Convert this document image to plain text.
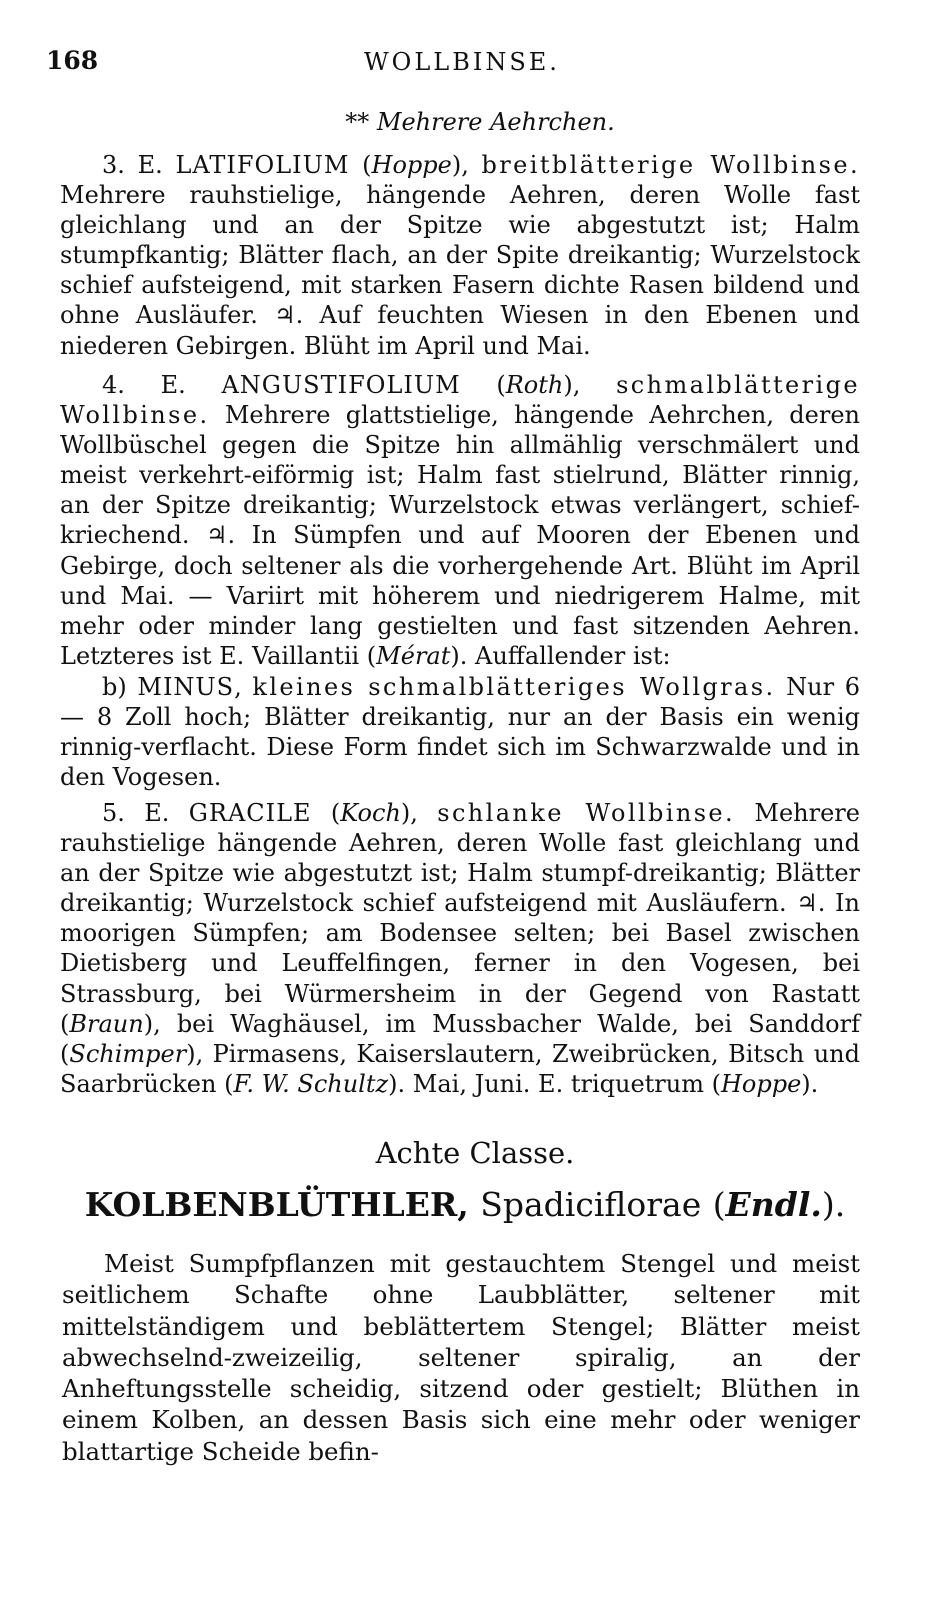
168	WOLLBINSE.
** Mehrere Aehrchen.

3. E. LATIFOLIUM (Hoppe), breitblätterige Wollbinse. Mehrere rauhstielige, hängende Aehren, deren Wolle fast gleichlang und an der Spitze wie abgestutzt ist; Halm stumpfkantig; Blätter flach, an der Spite dreikantig; Wurzelstock schief aufsteigend, mit starken Fasern dichte Rasen bildend und ohne Ausläufer. ♃. Auf feuchten Wiesen in den Ebenen und niederen Gebirgen. Blüht im April und Mai.

4. E. ANGUSTIFOLIUM (Roth), schmalblätterige Wollbinse. Mehrere glattstielige, hängende Aehrchen, deren Wollbüschel gegen die Spitze hin allmählig verschmälert und meist verkehrt-eiförmig ist; Halm fast stielrund, Blätter rinnig, an der Spitze dreikantig; Wurzelstock etwas verlängert, schief-kriechend. ♃. In Sümpfen und auf Mooren der Ebenen und Gebirge, doch seltener als die vorhergehende Art. Blüht im April und Mai. — Variirt mit höherem und niedrigerem Halme, mit mehr oder minder lang gestielten und fast sitzenden Aehren. Letzteres ist E. Vaillantii (Mérat). Auffallender ist:

b) MINUS, kleines schmalblätteriges Wollgras. Nur 6 — 8 Zoll hoch; Blätter dreikantig, nur an der Basis ein wenig rinnig-verflacht. Diese Form findet sich im Schwarzwalde und in den Vogesen.

5. E. GRACILE (Koch), schlanke Wollbinse. Mehrere rauhstielige hängende Aehren, deren Wolle fast gleichlang und an der Spitze wie abgestutzt ist; Halm stumpf-dreikantig; Blätter dreikantig; Wurzelstock schief aufsteigend mit Ausläufern. ♃. In moorigen Sümpfen; am Bodensee selten; bei Basel zwischen Dietisberg und Leuffelfingen, ferner in den Vogesen, bei Strassburg, bei Würmersheim in der Gegend von Rastatt (Braun), bei Waghäusel, im Mussbacher Walde, bei Sanddorf (Schimper), Pirmasens, Kaiserslautern, Zweibrücken, Bitsch und Saarbrücken (F. W. Schultz). Mai, Juni. E. triquetrum (Hoppe).

Achte Classe.
KOLBENBLÜTHLER, Spadiciflorae (Endl.).

Meist Sumpfpflanzen mit gestauchtem Stengel und meist seitlichem Schafte ohne Laubblätter, seltener mit mittelständigem und beblättertem Stengel; Blätter meist abwechselnd-zweizeilig, seltener spiralig, an der Anheftungsstelle scheidig, sitzend oder gestielt; Blüthen in einem Kolben, an dessen Basis sich eine mehr oder weniger blattartige Scheide befin-
